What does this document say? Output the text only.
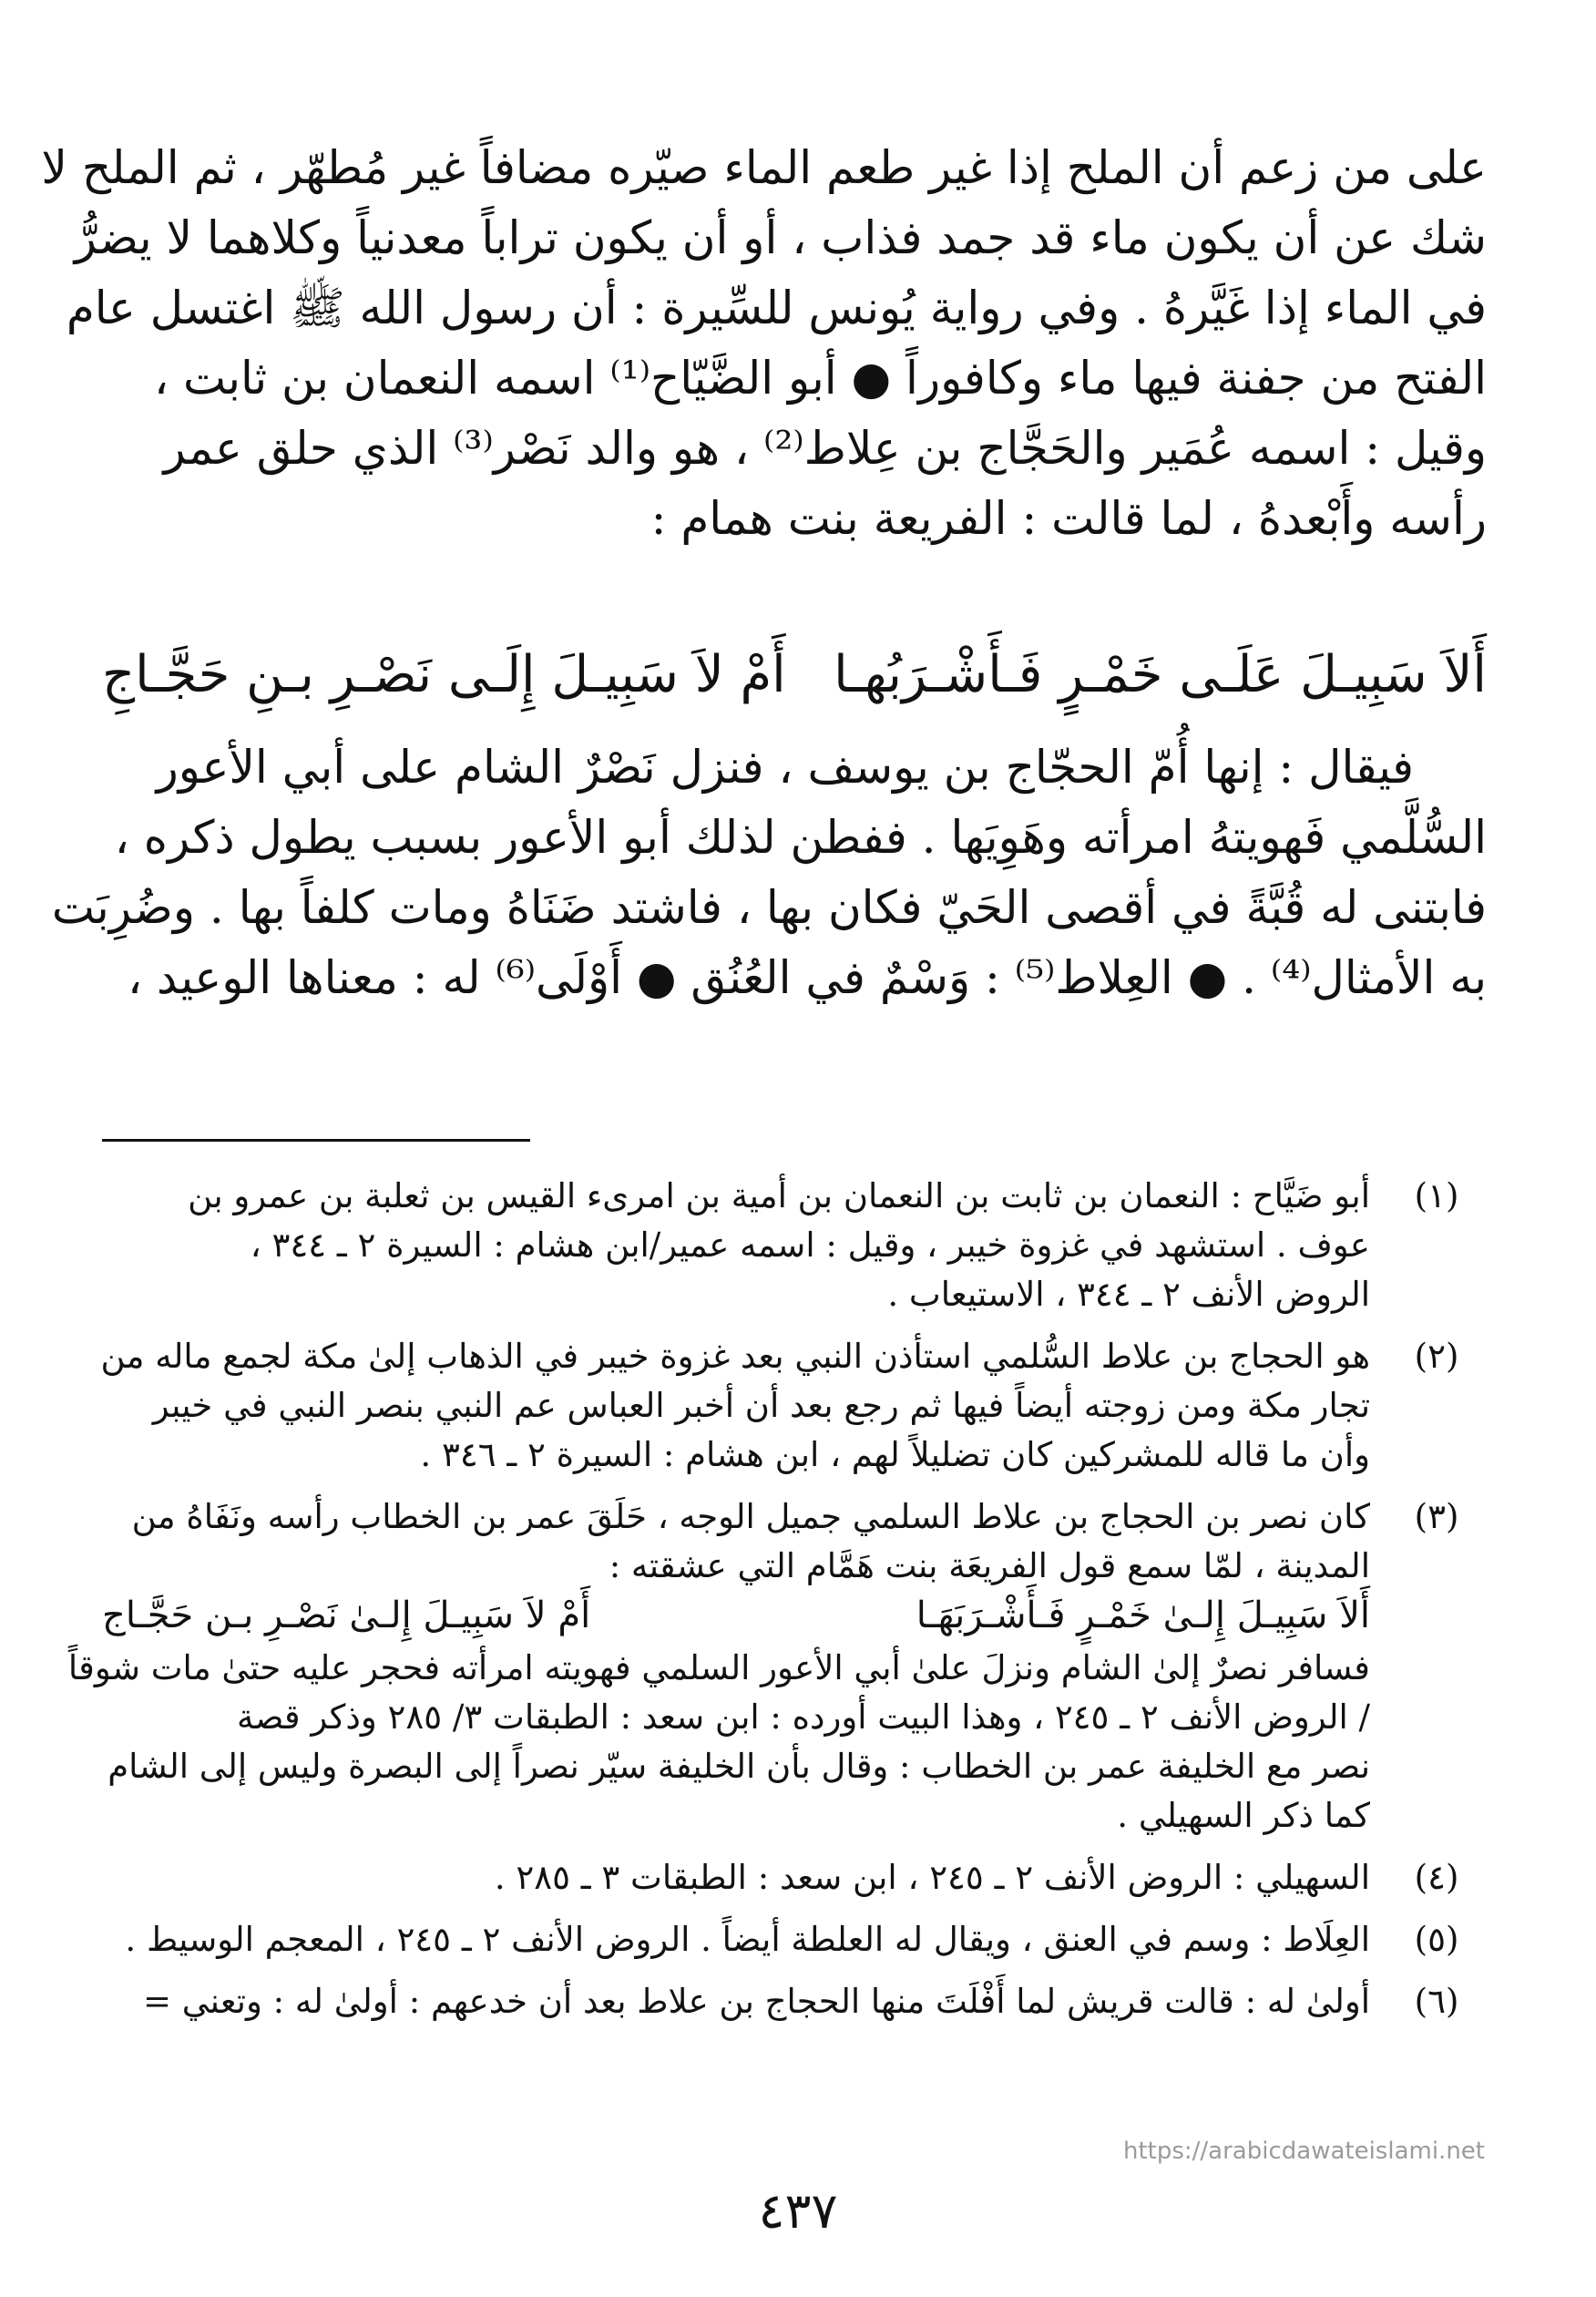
على من زعم أن الملح إذا غير طعم الماء صيّره مضافاً غير مُطهّر ، ثم الملح لا
شك عن أن يكون ماء قد جمد فذاب ، أو أن يكون تراباً معدنياً وكلاهما لا يضرُّ
في الماء إذا غَيَّرهُ . وفي رواية يُونس للسِّيرة : أن رسول الله ﷺ اغتسل عام
الفتح من جفنة فيها ماء وكافوراً ● أبو الضَّيّاح⁽¹⁾ اسمه النعمان بن ثابت ،
وقيل : اسمه عُمَير والحَجَّاج بن عِلاط⁽²⁾ ، هو والد نَصْر⁽³⁾ الذي حلق عمر
رأسه وأَبْعدهُ ، لما قالت : الفريعة بنت همام :
أَلاَ سَبِيـلَ عَلَـى خَمْـرٍ فَـأَشْـرَبُهـا
أَمْ لاَ سَبِيـلَ إِلَـى نَصْـرِ بـنِ حَجَّـاجِ
فيقال : إنها أُمّ الحجّاج بن يوسف ، فنزل نَصْرٌ الشام على أبي الأعور
السُّلَّمي فَهويتهُ امرأته وهَوِيَها . ففطن لذلك أبو الأعور بسبب يطول ذكره ،
فابتنى له قُبَّةً في أقصى الحَيّ فكان بها ، فاشتد ضَنَاهُ ومات كلفاً بها . وضُرِبَت
به الأمثال⁽⁴⁾ . ● العِلاط⁽⁵⁾ : وَسْمٌ في العُنُق ● أَوْلَى⁽⁶⁾ له : معناها الوعيد ،
(١)
أبو ضَيَّاح : النعمان بن ثابت بن النعمان بن أمية بن امرىء القيس بن ثعلبة بن عمرو بن
عوف . استشهد في غزوة خيبر ، وقيل : اسمه عمير/ابن هشام : السيرة ٢ ـ ٣٤٤ ،
الروض الأنف ٢ ـ ٣٤٤ ، الاستيعاب .
(٢)
هو الحجاج بن علاط السُّلمي استأذن النبي بعد غزوة خيبر في الذهاب إلىٰ مكة لجمع ماله من
تجار مكة ومن زوجته أيضاً فيها ثم رجع بعد أن أخبر العباس عم النبي بنصر النبي في خيبر
وأن ما قاله للمشركين كان تضليلاً لهم ، ابن هشام : السيرة ٢ ـ ٣٤٦ .
(٣)
كان نصر بن الحجاج بن علاط السلمي جميل الوجه ، حَلَقَ عمر بن الخطاب رأسه ونَفَاهُ من
المدينة ، لمّا سمع قول الفريعَة بنت هَمَّام التي عشقته :
أَلاَ سَبِيـلَ إِلـىٰ خَمْـرٍ فَـأَشْـرَبَهَـا
أَمْ لاَ سَبِيـلَ إِلـىٰ نَصْـرِ بـن حَجَّـاج
فسافر نصرٌ إلىٰ الشام ونزلَ علىٰ أبي الأعور السلمي فهويته امرأته فحجر عليه حتىٰ مات شوقاً
/ الروض الأنف ٢ ـ ٢٤٥ ، وهذا البيت أورده : ابن سعد : الطبقات ٣/ ٢٨٥ وذكر قصة
نصر مع الخليفة عمر بن الخطاب : وقال بأن الخليفة سيّر نصراً إلى البصرة وليس إلى الشام
كما ذكر السهيلي .
(٤)
السهيلي : الروض الأنف ٢ ـ ٢٤٥ ، ابن سعد : الطبقات ٣ ـ ٢٨٥ .
(٥)
العِلَاط : وسم في العنق ، ويقال له العلطة أيضاً . الروض الأنف ٢ ـ ٢٤٥ ، المعجم الوسيط .
(٦)
أولىٰ له : قالت قريش لما أَفْلَتَ منها الحجاج بن علاط بعد أن خدعهم : أولىٰ له : وتعني =
https://arabicdawateislami.net
٤٣٧
